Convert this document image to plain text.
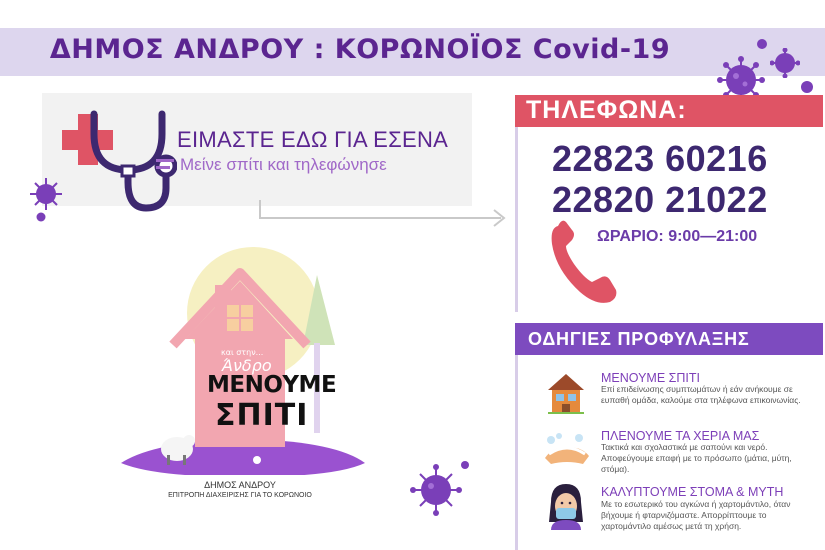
ΔΗΜΟΣ ΑΝΔΡΟΥ : ΚΟΡΩΝΟΪΟΣ Covid-19
ΕΙΜΑΣΤΕ ΕΔΩ ΓΙΑ ΕΣΕΝΑ
Μείνε σπίτι και τηλεφώνησε
ΤΗΛΕΦΩΝΑ:
22823 60216
22820 21022
ΩΡΑΡΙΟ: 9:00—21:00
ΟΔΗΓΙΕΣ ΠΡΟΦΥΛΑΞΗΣ
ΜΕΝΟΥΜΕ ΣΠΙΤΙ
Επί επιδείνωσης συμπτωμάτων ή εάν ανήκουμε σε ευπαθή ομάδα, καλούμε στα τηλέφωνα επικοινωνίας.
ΠΛΕΝΟΥΜΕ ΤΑ ΧΕΡΙΑ ΜΑΣ
Τακτικά και σχολαστικά με σαπούνι και νερό. Αποφεύγουμε επαφή με το πρόσωπο (μάτια, μύτη, στόμα).
ΚΑΛΥΠΤΟΥΜΕ ΣΤΟΜΑ & ΜΥΤΗ
Με το εσωτερικό του αγκώνα ή χαρτομάντιλο, όταν βήχουμε ή φταρνιζόμαστε. Απορρίπτουμε το χαρτομάντιλο αμέσως μετά τη χρήση.
και στην...
Άνδρο
ΜΕΝΟΥΜΕ
ΣΠΙΤΙ
ΔΗΜΟΣ ΑΝΔΡΟΥ
ΕΠΙΤΡΟΠΗ ΔΙΑΧΕΙΡΙΣΗΣ ΓΙΑ ΤΟ ΚΟΡΩΝΟΙΟ
